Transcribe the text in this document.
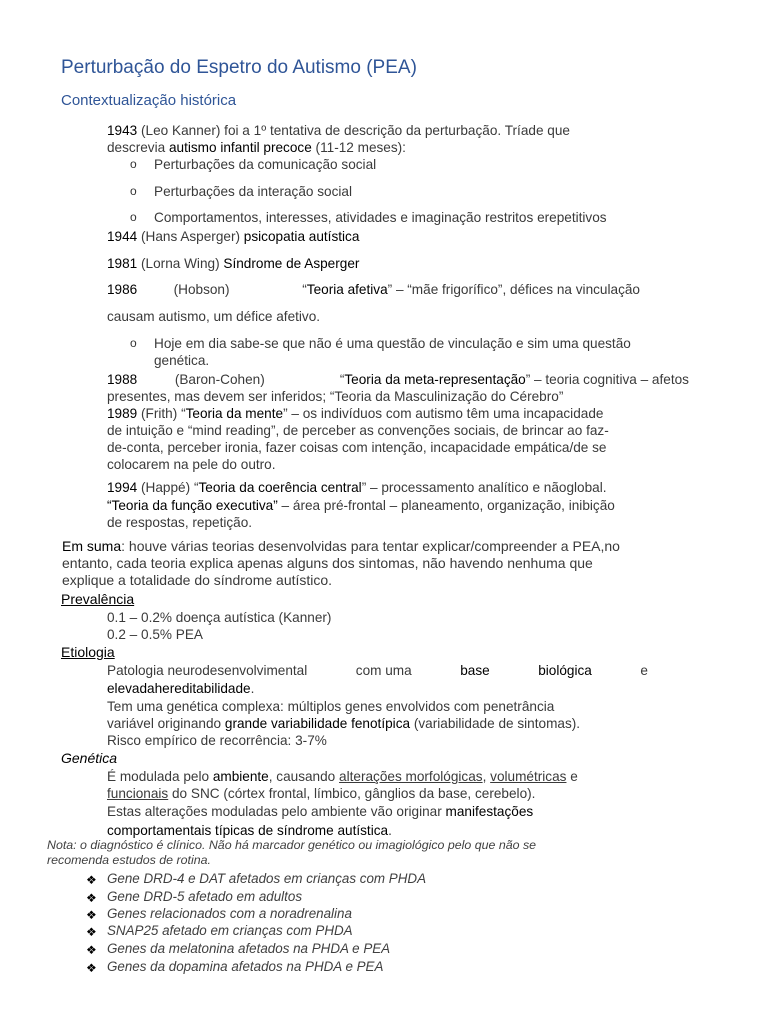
Perturbação do Espetro do Autismo (PEA)
Contextualização histórica
1943 (Leo Kanner) foi a 1º tentativa de descrição da perturbação. Tríade que
descrevia autismo infantil precoce (11-12 meses):
o Perturbações da comunicação social
o Perturbações da interação social
o Comportamentos, interesses, atividades e imaginação restritos erepetitivos
1944 (Hans Asperger) psicopatia autística
1981 (Lorna Wing) Síndrome de Asperger
1986	(Hobson)	“Teoria afetiva” – “mãe frigorífico”, défices na vinculação
causam autismo, um défice afetivo.
o Hoje em dia sabe-se que não é uma questão de vinculação e sim uma questão
genética.
1988	(Baron-Cohen)	“Teoria da meta-representação” – teoria cognitiva – afetos
presentes, mas devem ser inferidos; “Teoria da Masculinização do Cérebro”
1989 (Frith) “Teoria da mente” – os indivíduos com autismo têm uma incapacidade
de intuição e “mind reading”, de perceber as convenções sociais, de brincar ao faz-
de-conta, perceber ironia, fazer coisas com intenção, incapacidade empática/de se
colocarem na pele do outro.
1994 (Happé) “Teoria da coerência central” – processamento analítico e nãoglobal.
“Teoria da função executiva” – área pré-frontal – planeamento, organização, inibição
de respostas, repetição.
Em suma: houve várias teorias desenvolvidas para tentar explicar/compreender a PEA,no
entanto, cada teoria explica apenas alguns dos sintomas, não havendo nenhuma que
explique a totalidade do síndrome autístico.
Prevalência
0.1 – 0.2% doença autística (Kanner)
0.2 – 0.5% PEA
Etiologia
Patologia neurodesenvolvimental	com uma	base	biológica	e
elevadahereditabilidade.
Tem uma genética complexa: múltiplos genes envolvidos com penetrância
variável originando grande variabilidade fenotípica (variabilidade de sintomas).
Risco empírico de recorrência: 3-7%
Genética
É modulada pelo ambiente, causando alterações morfológicas, volumétricas e
funcionais do SNC (córtex frontal, límbico, gânglios da base, cerebelo).
Estas alterações moduladas pelo ambiente vão originar manifestações
comportamentais típicas de síndrome autística.
Nota: o diagnóstico é clínico. Não há marcador genético ou imagiológico pelo que não se
recomenda estudos de rotina.
❖ Gene DRD-4 e DAT afetados em crianças com PHDA
❖ Gene DRD-5 afetado em adultos
❖ Genes relacionados com a noradrenalina
❖ SNAP25 afetado em crianças com PHDA
❖ Genes da melatonina afetados na PHDA e PEA
❖ Genes da dopamina afetados na PHDA e PEA
